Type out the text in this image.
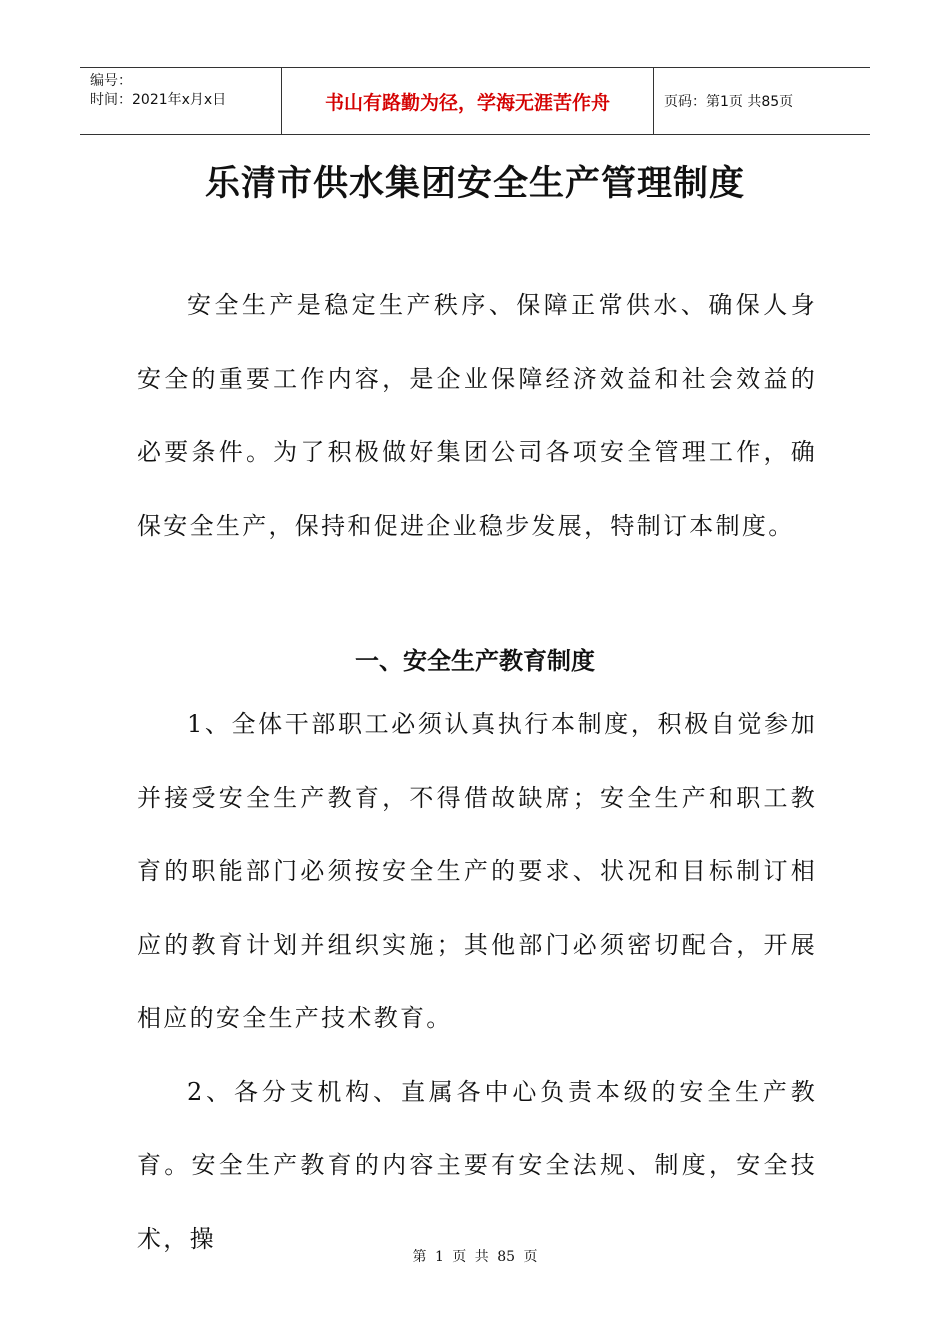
编号：
时间：2021年x月x日	书山有路勤为径，学海无涯苦作舟	页码：第1页 共85页
乐清市供水集团安全生产管理制度

安全生产是稳定生产秩序、保障正常供水、确保人身安全的重要工作内容，是企业保障经济效益和社会效益的必要条件。为了积极做好集团公司各项安全管理工作，确保安全生产，保持和促进企业稳步发展，特制订本制度。

一、安全生产教育制度

1、全体干部职工必须认真执行本制度，积极自觉参加并接受安全生产教育，不得借故缺席；安全生产和职工教育的职能部门必须按安全生产的要求、状况和目标制订相应的教育计划并组织实施；其他部门必须密切配合，开展相应的安全生产技术教育。

2、各分支机构、直属各中心负责本级的安全生产教育。安全生产教育的内容主要有安全法规、制度，安全技术，操

第 1 页 共 85 页
